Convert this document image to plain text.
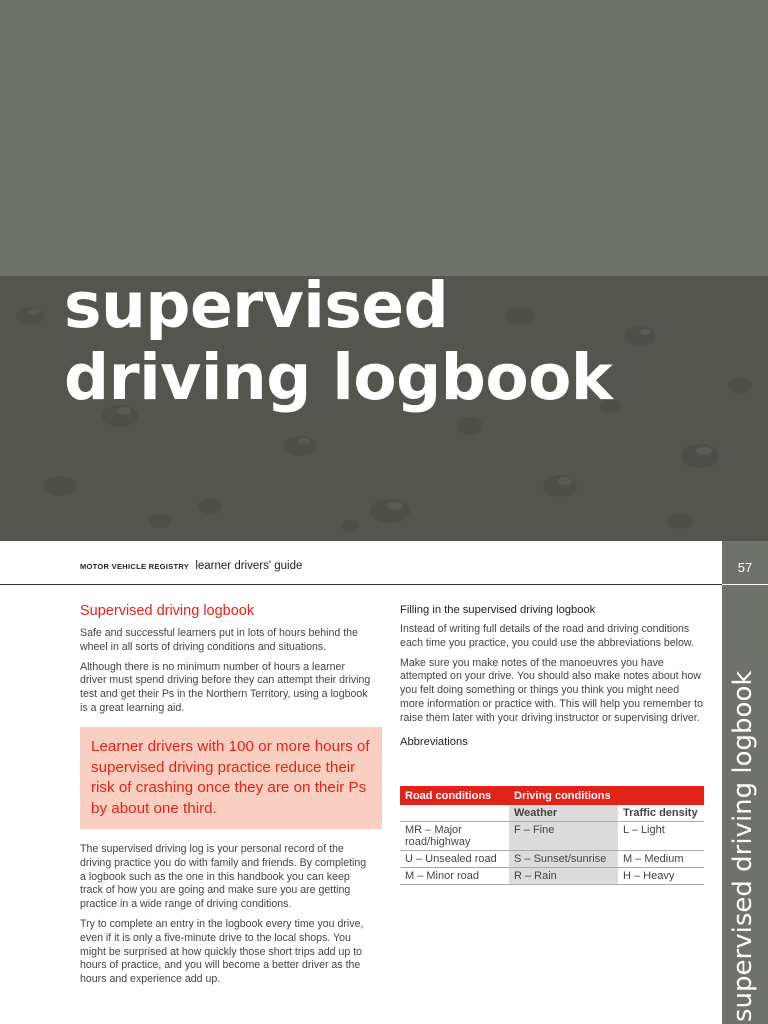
supervised
driving logbook
57
supervised driving logbook
MOTOR VEHICLE REGISTRY learner drivers' guide
Supervised driving logbook

Safe and successful learners put in lots of hours behind the wheel in all sorts of driving conditions and situations.

Although there is no minimum number of hours a learner driver must spend driving before they can attempt their driving test and get their Ps in the Northern Territory, using a logbook is a great learning aid.

Learner drivers with 100 or more hours of supervised driving practice reduce their risk of crashing once they are on their Ps by about one third.

The supervised driving log is your personal record of the driving practice you do with family and friends. By completing a logbook such as the one in this handbook you can keep track of how you are going and make sure you are getting practice in a wide range of driving conditions.

Try to complete an entry in the logbook every time you drive, even if it is only a five-minute drive to the local shops. You might be surprised at how quickly those short trips add up to hours of practice, and you will become a better driver as the hours and experience add up.

Filling in the supervised driving logbook

Instead of writing full details of the road and driving conditions each time you practice, you could use the abbreviations below.

Make sure you make notes of the manoeuvres you have attempted on your drive. You should also make notes about how you felt doing something or things you think you might need more information or practice with. This will help you remember to raise them later with your driving instructor or supervising driver.

Abbreviations
Road conditions	Driving conditions	
	Weather	Traffic density
MR – Major road/highway	F – Fine	L – Light
U – Unsealed road	S – Sunset/sunrise	M – Medium
M – Minor road	R – Rain	H – Heavy
